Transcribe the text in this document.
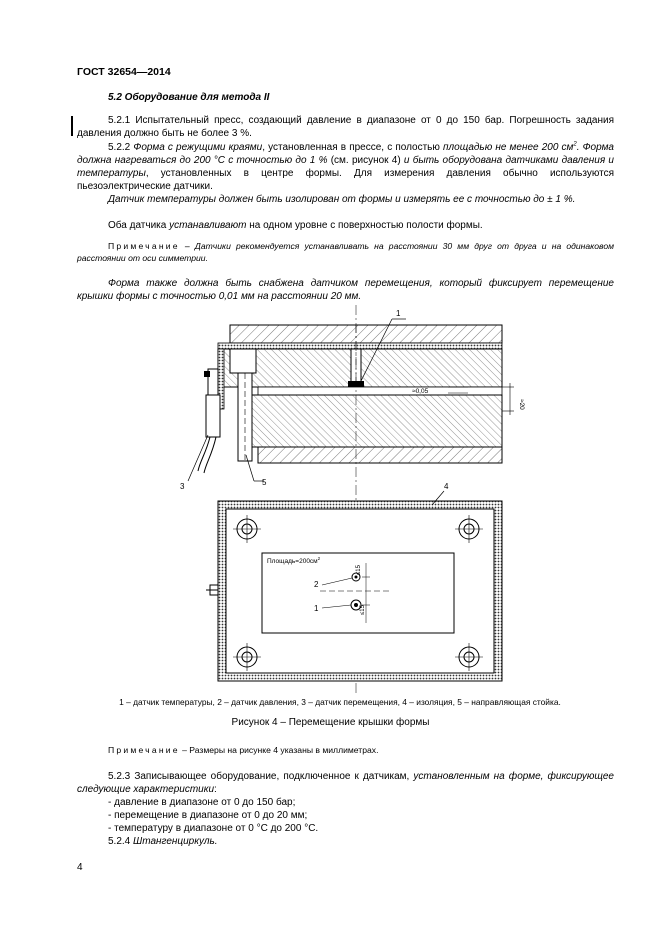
ГОСТ 32654—2014
5.2 Оборудование для метода II
5.2.1 Испытательный пресс, создающий давление в диапазоне от 0 до 150 бар. Погрешность задания давления должно быть не более 3 %.
5.2.2 Форма с режущими краями, установленная в прессе, с полостью площадью не менее 200 $см^2$. Форма должна нагреваться до 200 °С с точностью до 1 % (см. рисунок 4) и быть оборудована датчиками давления и температуры, установленных в центре формы. Для измерения давления обычно используются пьезоэлектрические датчики.
Датчик температуры должен быть изолирован от формы и измерять ее с точностью до ± 1 %.
Оба датчика устанавливают на одном уровне с поверхностью полости формы.
Примечание – Датчики рекомендуется устанавливать на расстоянии 30 мм друг от друга и на одинаковом расстоянии от оси симметрии.
Форма также должна быть снабжена датчиком перемещения, который фиксирует перемещение крышки формы с точностью 0,01 мм на расстоянии 20 мм.
1
≈0,05
≈20
3	5	4
$Площадь=200см^2$
2
1
≤15
≤15
1 – датчик температуры, 2 – датчик давления, 3 – датчик перемещения, 4 – изоляция, 5 – направляющая стойка.
Рисунок 4 – Перемещение крышки формы
Примечание – Размеры на рисунке 4 указаны в миллиметрах.
5.2.3 Записывающее оборудование, подключенное к датчикам, установленным на форме, фиксирующее следующие характеристики:
- давление в диапазоне от 0 до 150 бар;
- перемещение в диапазоне от 0 до 20 мм;
- температуру в диапазоне от 0 °С до 200 °С.
5.2.4 Штангенциркуль.
4
